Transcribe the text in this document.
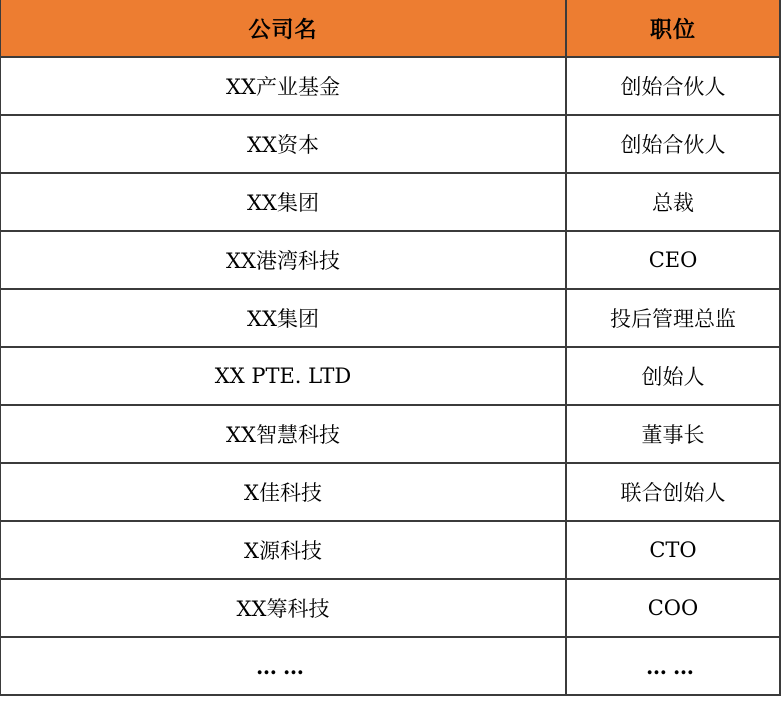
公司名	职位
XX产业基金	创始合伙人
XX资本	创始合伙人
XX集团	总裁
XX港湾科技	CEO
XX集团	投后管理总监
XX PTE. LTD	创始人
XX智慧科技	董事长
X佳科技	联合创始人
X源科技	CTO
XX筹科技	COO
……	……
